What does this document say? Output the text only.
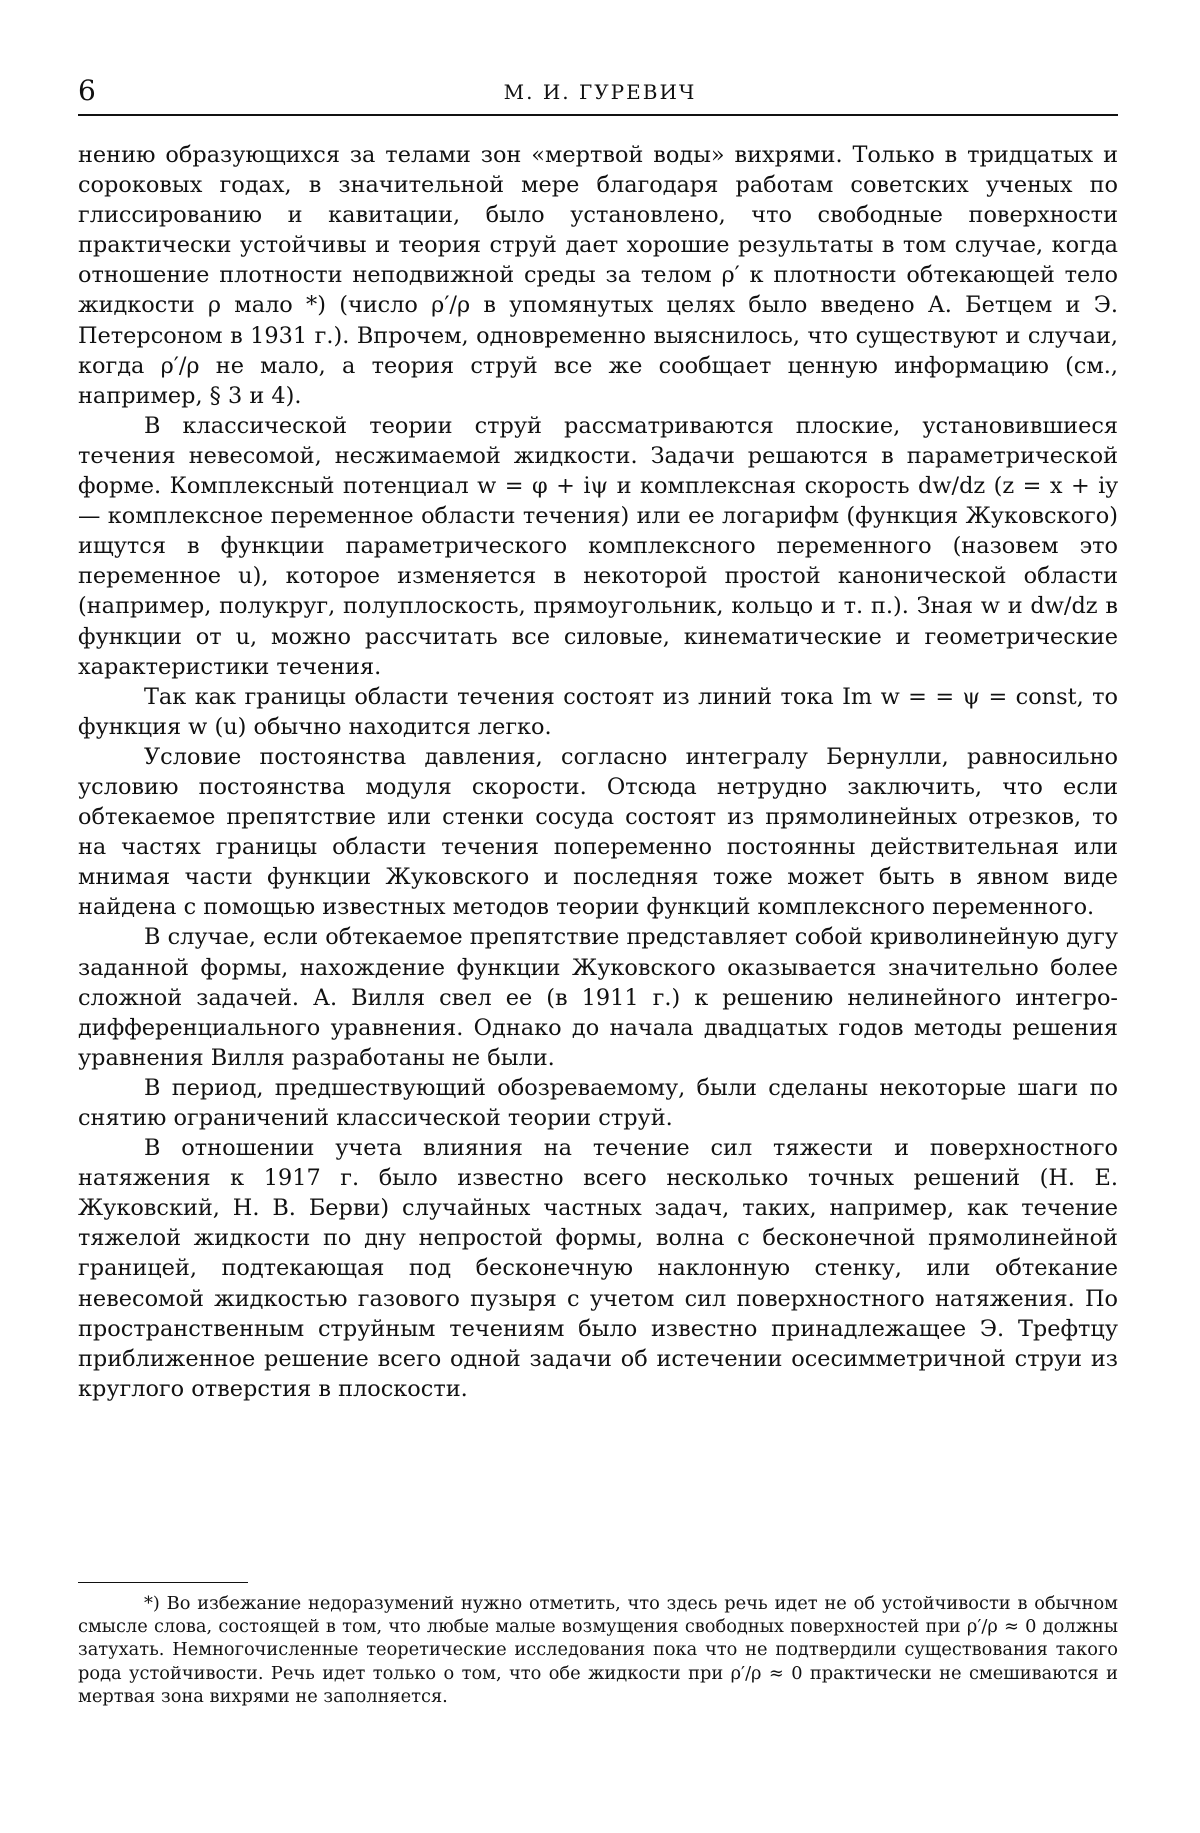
6	М. И. ГУРЕВИЧ

нению образующихся за телами зон «мертвой воды» вихрями. Только в тридцатых и сороковых годах, в значительной мере благодаря работам советских ученых по глиссированию и кавитации, было установлено, что свободные поверхности практически устойчивы и теория струй дает хорошие результаты в том случае, когда отношение плотности неподвижной среды за телом ρ′ к плотности обтекающей тело жидкости ρ мало *) (число ρ′/ρ в упомянутых целях было введено А. Бетцем и Э. Петерсоном в 1931 г.). Впрочем, одновременно выяснилось, что существуют и случаи, когда ρ′/ρ не мало, а теория струй все же сообщает ценную информацию (см., например, § 3 и 4).

В классической теории струй рассматриваются плоские, установившиеся течения невесомой, несжимаемой жидкости. Задачи решаются в параметрической форме. Комплексный потенциал w = φ + iψ и комплексная скорость dw/dz (z = x + iy — комплексное переменное области течения) или ее логарифм (функция Жуковского) ищутся в функции параметрического комплексного переменного (назовем это переменное u), которое изменяется в некоторой простой канонической области (например, полукруг, полуплоскость, прямоугольник, кольцо и т. п.). Зная w и dw/dz в функции от u, можно рассчитать все силовые, кинематические и геометрические характеристики течения.

Так как границы области течения состоят из линий тока Im w = = ψ = const, то функция w (u) обычно находится легко.

Условие постоянства давления, согласно интегралу Бернулли, равносильно условию постоянства модуля скорости. Отсюда нетрудно заключить, что если обтекаемое препятствие или стенки сосуда состоят из прямолинейных отрезков, то на частях границы области течения попеременно постоянны действительная или мнимая части функции Жуковского и последняя тоже может быть в явном виде найдена с помощью известных методов теории функций комплексного переменного.

В случае, если обтекаемое препятствие представляет собой криволинейную дугу заданной формы, нахождение функции Жуковского оказывается значительно более сложной задачей. А. Вилля свел ее (в 1911 г.) к решению нелинейного интегро-дифференциального уравнения. Однако до начала двадцатых годов методы решения уравнения Вилля разработаны не были.

В период, предшествующий обозреваемому, были сделаны некоторые шаги по снятию ограничений классической теории струй.

В отношении учета влияния на течение сил тяжести и поверхностного натяжения к 1917 г. было известно всего несколько точных решений (Н. Е. Жуковский, Н. В. Берви) случайных частных задач, таких, например, как течение тяжелой жидкости по дну непростой формы, волна с бесконечной прямолинейной границей, подтекающая под бесконечную наклонную стенку, или обтекание невесомой жидкостью газового пузыря с учетом сил поверхностного натяжения. По пространственным струйным течениям было известно принадлежащее Э. Трефтцу приближенное решение всего одной задачи об истечении осесимметричной струи из круглого отверстия в плоскости.

*) Во избежание недоразумений нужно отметить, что здесь речь идет не об устойчивости в обычном смысле слова, состоящей в том, что любые малые возмущения свободных поверхностей при ρ′/ρ ≈ 0 должны затухать. Немногочисленные теоретические исследования пока что не подтвердили существования такого рода устойчивости. Речь идет только о том, что обе жидкости при ρ′/ρ ≈ 0 практически не смешиваются и мертвая зона вихрями не заполняется.
